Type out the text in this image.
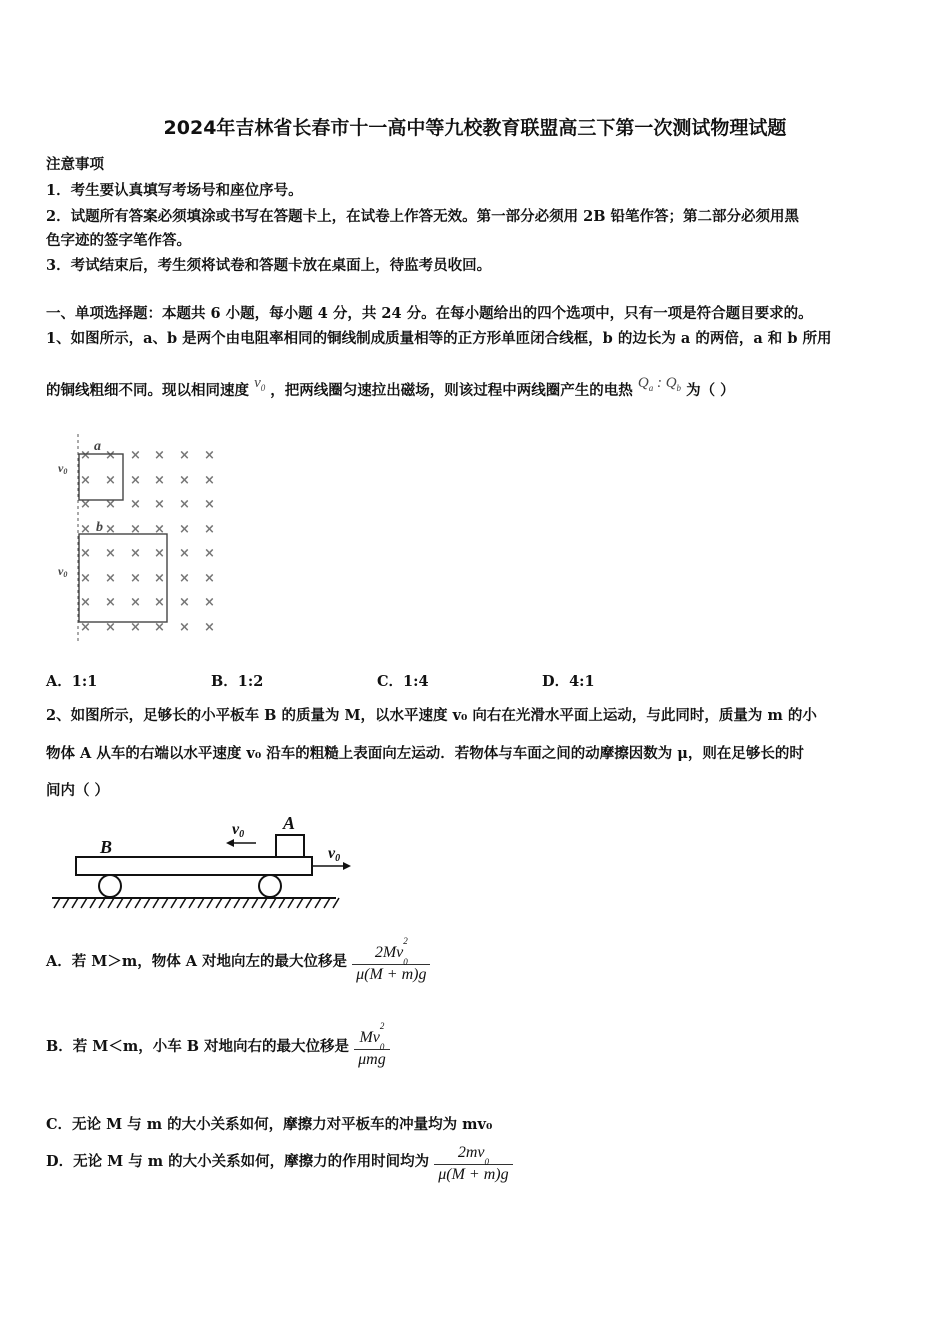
2024年吉林省长春市十一高中等九校教育联盟高三下第一次测试物理试题
注意事项
1．考生要认真填写考场号和座位序号。
2．试题所有答案必须填涂或书写在答题卡上，在试卷上作答无效。第一部分必须用 2B 铅笔作答；第二部分必须用黑
色字迹的签字笔作答。
3．考试结束后，考生须将试卷和答题卡放在桌面上，待监考员收回。
一、单项选择题：本题共 6 小题，每小题 4 分，共 24 分。在每小题给出的四个选项中，只有一项是符合题目要求的。
1、如图所示，a、b 是两个由电阻率相同的铜线制成质量相等的正方形单匝闭合线框，b 的边长为 a 的两倍，a 和 b 所用
的铜线粗细不同。现以相同速度 $v_0$ ，把两线圈匀速拉出磁场，则该过程中两线圈产生的电热 $Q_a$ : $Q_b$ 为（ ）
× × × × × ×
× × × × × ×
× × × × × ×
× × × × × ×
× × × × × ×
× × × × × ×
× × × × × ×
× × × × × ×
a
b
v0
v0
A．1:1	B．1:2	C．1:4	D．4:1
2、如图所示，足够长的小平板车 B 的质量为 M，以水平速度 v₀ 向右在光滑水平面上运动，与此同时，质量为 m 的小
物体 A 从车的右端以水平速度 v₀ 沿车的粗糙上表面向左运动．若物体与车面之间的动摩擦因数为 μ，则在足够长的时
间内（ ）
v0
v0
A
B
A．若 M＞m，物体 A 对地向左的最大位移是 2Mv
2
$_0$
μ(M + m)g
B．若 M＜m，小车 B 对地向右的最大位移是 Mv
2
$_0$
μmg
C．无论 M 与 m 的大小关系如何，摩擦力对平板车的冲量均为 mv₀
D．无论 M 与 m 的大小关系如何，摩擦力的作用时间均为 $\frac{2mv_0}{\mu(M + m)g}$
